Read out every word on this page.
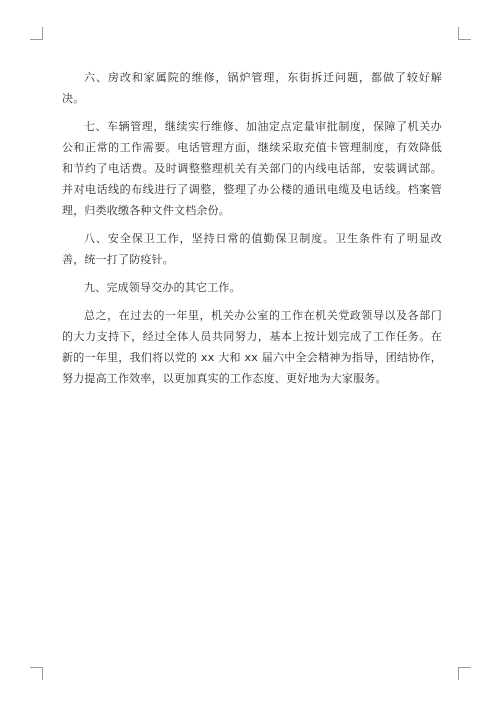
六、房改和家属院的维修，锅炉管理，东街拆迁问题，都做了较好解决。

七、车辆管理，继续实行维修、加油定点定量审批制度，保障了机关办公和正常的工作需要。电话管理方面，继续采取充值卡管理制度，有效降低和节约了电话费。及时调整整理机关有关部门的内线电话部，安装调试部。并对电话线的布线进行了调整，整理了办公楼的通讯电缆及电话线。档案管理，归类收缴各种文件文档余份。

八、安全保卫工作，坚持日常的值勤保卫制度。卫生条件有了明显改善，统一打了防疫针。

九、完成领导交办的其它工作。

总之，在过去的一年里，机关办公室的工作在机关党政领导以及各部门的大力支持下，经过全体人员共同努力，基本上按计划完成了工作任务。在新的一年里，我们将以党的 xx 大和 xx 届六中全会精神为指导，团结协作，努力提高工作效率，以更加真实的工作态度、更好地为大家服务。
